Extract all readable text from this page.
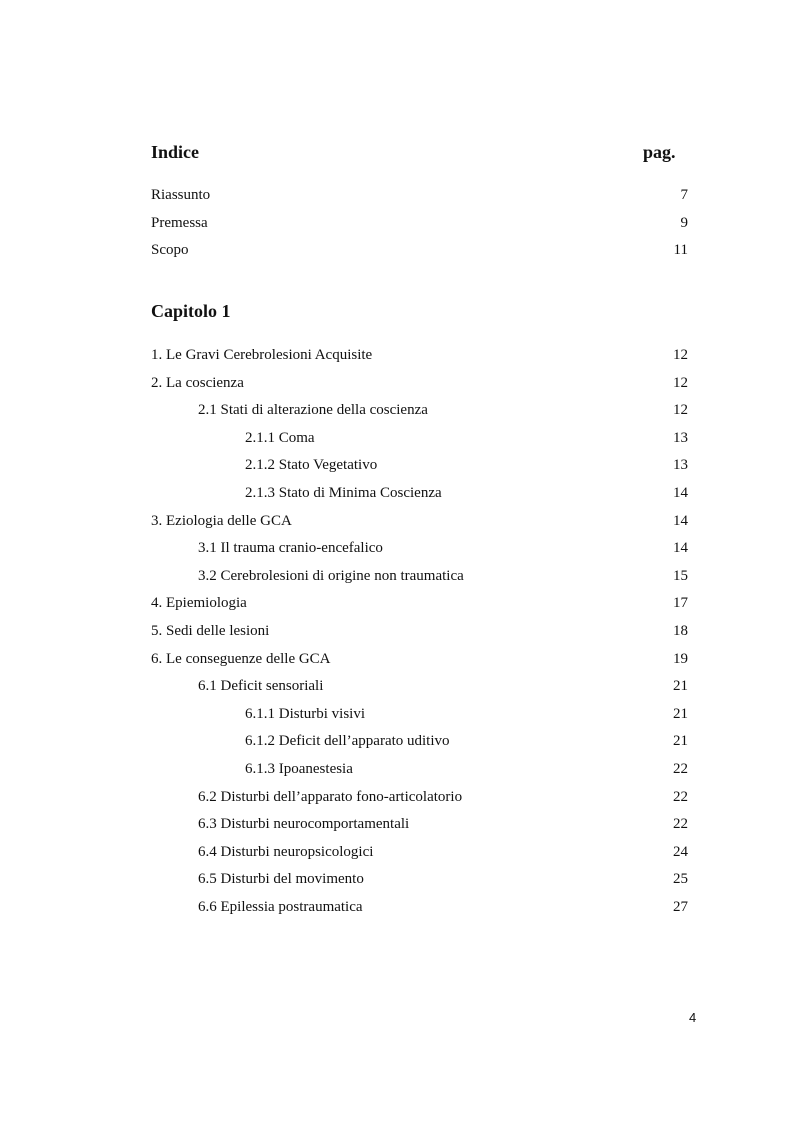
Indice	pag.
Riassunto	7
Premessa	9
Scopo	11
Capitolo 1
1. Le Gravi Cerebrolesioni Acquisite	12
2. La coscienza	12
2.1 Stati di alterazione della coscienza	12
2.1.1 Coma	13
2.1.2 Stato Vegetativo	13
2.1.3 Stato di Minima Coscienza	14
3. Eziologia delle GCA	14
3.1 Il trauma cranio-encefalico	14
3.2 Cerebrolesioni di origine non traumatica	15
4. Epiemiologia	17
5. Sedi delle lesioni	18
6. Le conseguenze delle GCA	19
6.1 Deficit sensoriali	21
6.1.1 Disturbi visivi	21
6.1.2 Deficit dell’apparato uditivo	21
6.1.3 Ipoanestesia	22
6.2 Disturbi dell’apparato fono-articolatorio	22
6.3 Disturbi neurocomportamentali	22
6.4 Disturbi neuropsicologici	24
6.5 Disturbi del movimento	25
6.6 Epilessia postraumatica	27
4
